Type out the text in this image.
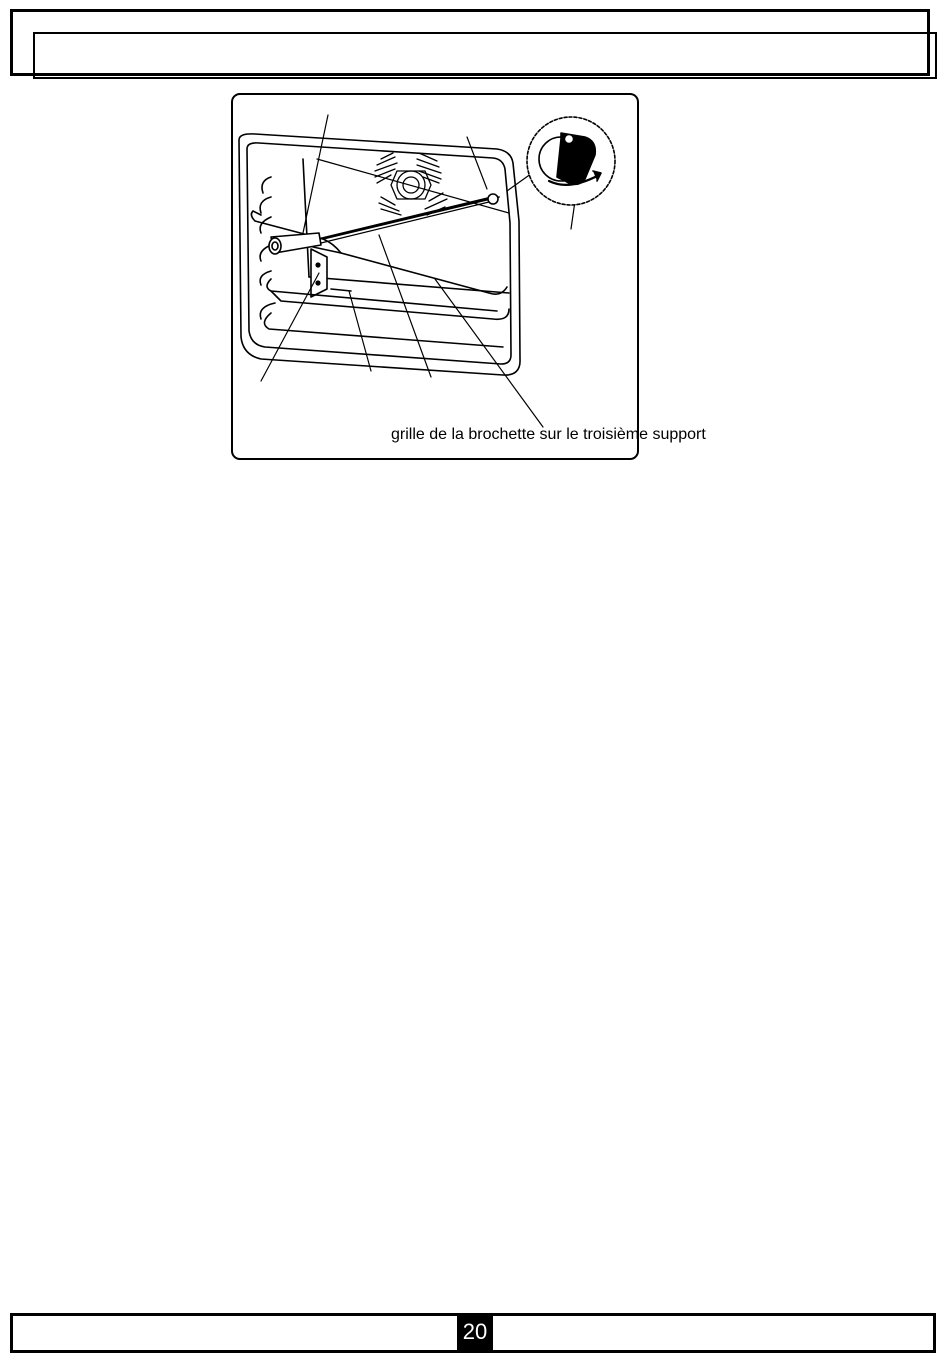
grille de la brochette sur le troisième support
20
